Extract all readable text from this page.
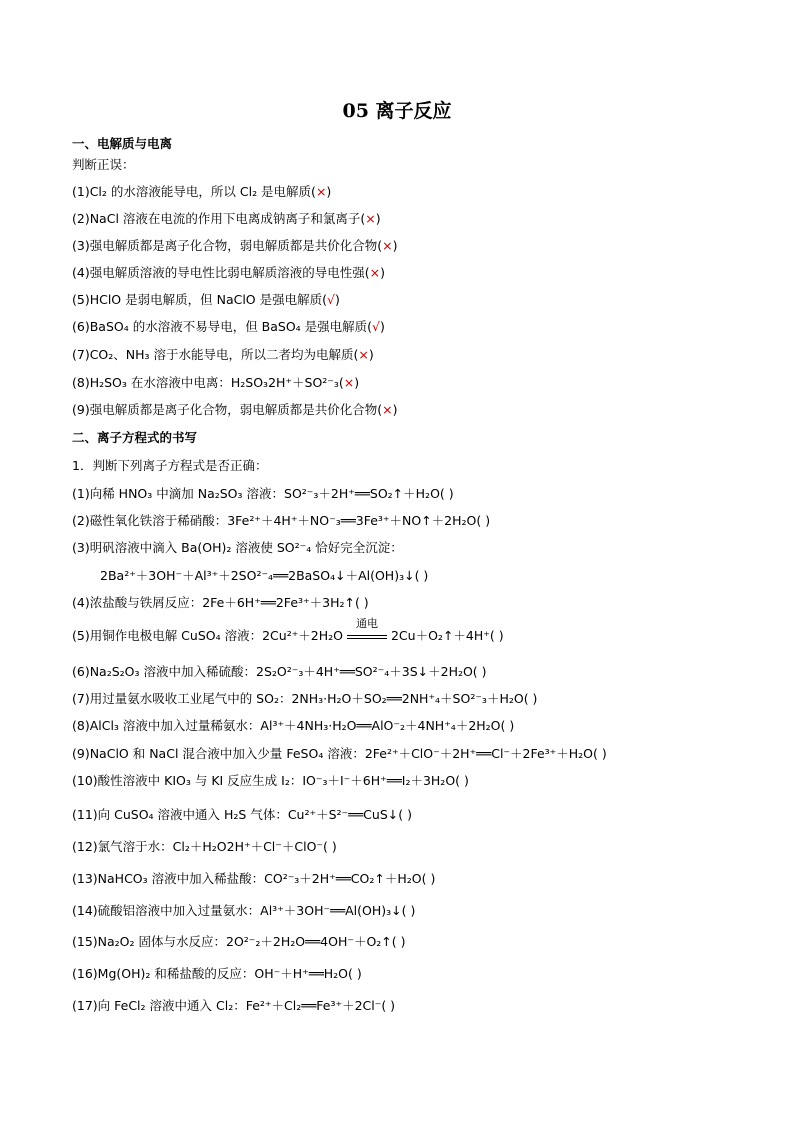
05 离子反应
一、电解质与电离
判断正误：
(1)Cl₂ 的水溶液能导电，所以 Cl₂ 是电解质(×)
(2)NaCl 溶液在电流的作用下电离成钠离子和氯离子(×)
(3)强电解质都是离子化合物，弱电解质都是共价化合物(×)
(4)强电解质溶液的导电性比弱电解质溶液的导电性强(×)
(5)HClO 是弱电解质，但 NaClO 是强电解质(√)
(6)BaSO₄ 的水溶液不易导电，但 BaSO₄ 是强电解质(√)
(7)CO₂、NH₃ 溶于水能导电，所以二者均为电解质(×)
(8)H₂SO₃ 在水溶液中电离：H₂SO₃2H⁺＋SO²⁻₃(×)
(9)强电解质都是离子化合物，弱电解质都是共价化合物(×)
二、离子方程式的书写
1．判断下列离子方程式是否正确：
(1)向稀 HNO₃ 中滴加 Na₂SO₃ 溶液：SO²⁻₃＋2H⁺══SO₂↑＋H₂O( )
(2)磁性氧化铁溶于稀硝酸：3Fe²⁺＋4H⁺＋NO⁻₃══3Fe³⁺＋NO↑＋2H₂O( )
(3)明矾溶液中滴入 Ba(OH)₂ 溶液使 SO²⁻₄ 恰好完全沉淀：
2Ba²⁺＋3OH⁻＋Al³⁺＋2SO²⁻₄══2BaSO₄↓＋Al(OH)₃↓( )
(4)浓盐酸与铁屑反应：2Fe＋6H⁺══2Fe³⁺＋3H₂↑( )
(5)用铜作电极电解 CuSO₄ 溶液：2Cu²⁺＋2H₂O
通电
2Cu＋O₂↑＋4H⁺( )
(6)Na₂S₂O₃ 溶液中加入稀硫酸：2S₂O²⁻₃＋4H⁺══SO²⁻₄＋3S↓＋2H₂O( )
(7)用过量氨水吸收工业尾气中的 SO₂：2NH₃·H₂O＋SO₂══2NH⁺₄＋SO²⁻₃＋H₂O( )
(8)AlCl₃ 溶液中加入过量稀氨水：Al³⁺＋4NH₃·H₂O══AlO⁻₂＋4NH⁺₄＋2H₂O( )
(9)NaClO 和 NaCl 混合液中加入少量 FeSO₄ 溶液：2Fe²⁺＋ClO⁻＋2H⁺══Cl⁻＋2Fe³⁺＋H₂O( )
(10)酸性溶液中 KIO₃ 与 KI 反应生成 I₂：IO⁻₃＋I⁻＋6H⁺══I₂＋3H₂O( )
(11)向 CuSO₄ 溶液中通入 H₂S 气体：Cu²⁺＋S²⁻══CuS↓( )
(12)氯气溶于水：Cl₂＋H₂O2H⁺＋Cl⁻＋ClO⁻( )
(13)NaHCO₃ 溶液中加入稀盐酸：CO²⁻₃＋2H⁺══CO₂↑＋H₂O( )
(14)硫酸铝溶液中加入过量氨水：Al³⁺＋3OH⁻══Al(OH)₃↓( )
(15)Na₂O₂ 固体与水反应：2O²⁻₂＋2H₂O══4OH⁻＋O₂↑( )
(16)Mg(OH)₂ 和稀盐酸的反应：OH⁻＋H⁺══H₂O( )
(17)向 FeCl₂ 溶液中通入 Cl₂：Fe²⁺＋Cl₂══Fe³⁺＋2Cl⁻( )
